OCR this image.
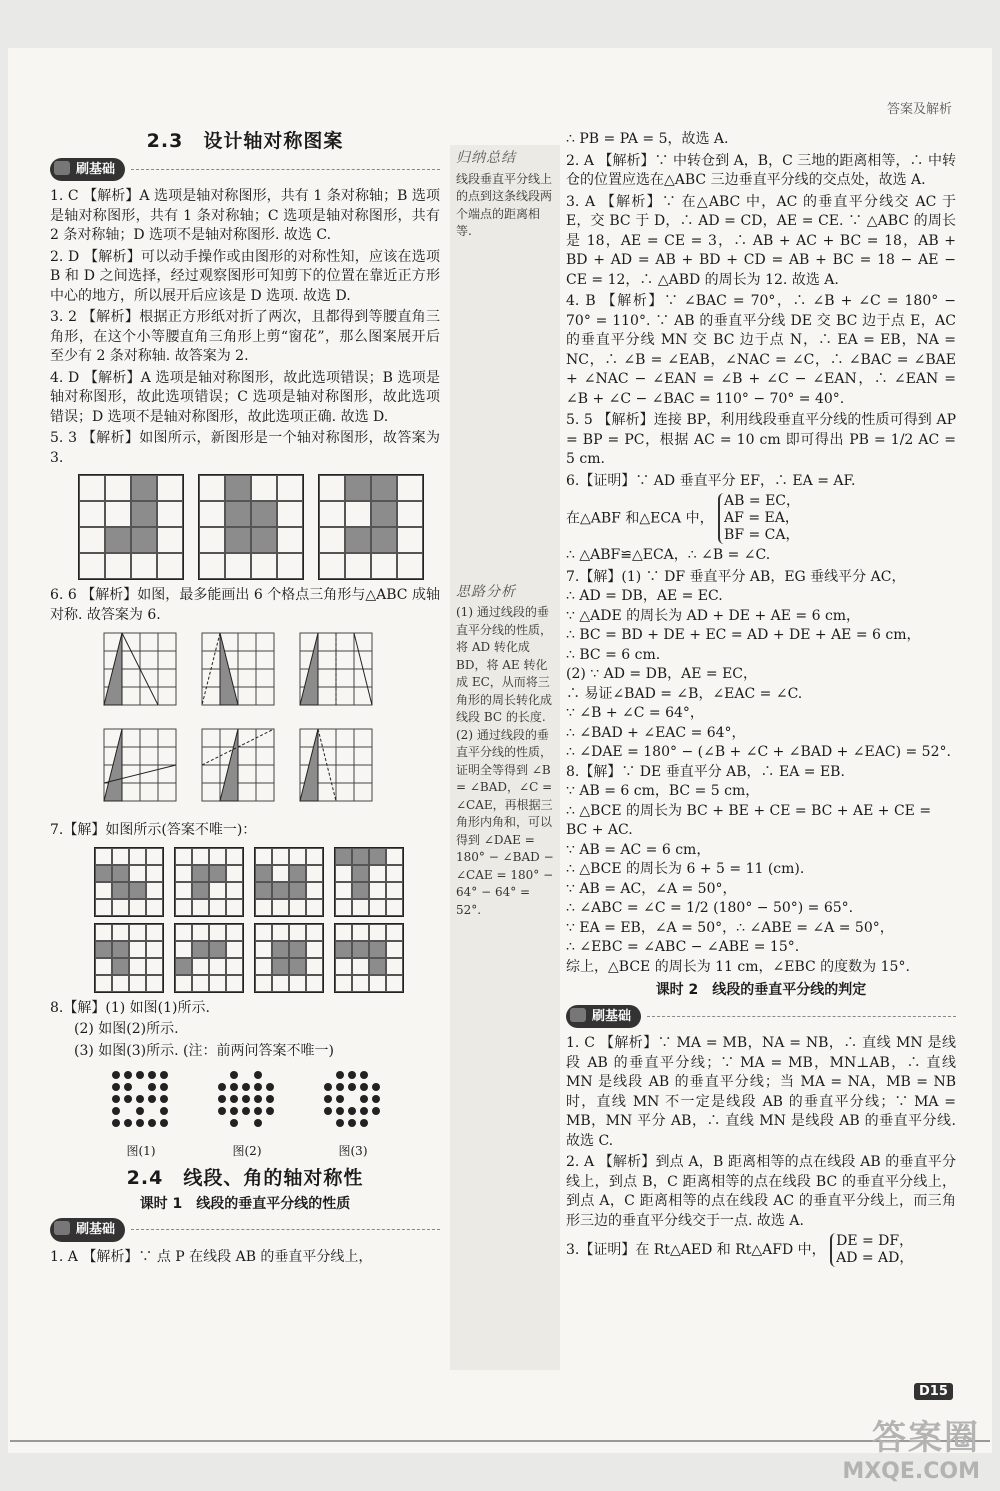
答案及解析
2.3　设计轴对称图案
刷基础

1. C 【解析】A 选项是轴对称图形，共有 1 条对称轴；B 选项是轴对称图形，共有 1 条对称轴；C 选项是轴对称图形，共有 2 条对称轴；D 选项不是轴对称图形. 故选 C.

2. D 【解析】可以动手操作或由图形的对称性知，应该在选项 B 和 D 之间选择，经过观察图形可知剪下的位置在靠近正方形中心的地方，所以展开后应该是 D 选项. 故选 D.

3. 2 【解析】根据正方形纸对折了两次，且都得到等腰直角三角形，在这个小等腰直角三角形上剪“窗花”，那么图案展开后至少有 2 条对称轴. 故答案为 2.

4. D 【解析】A 选项是轴对称图形，故此选项错误；B 选项是轴对称图形，故此选项错误；C 选项是轴对称图形，故此选项错误；D 选项不是轴对称图形，故此选项正确. 故选 D.

5. 3 【解析】如图所示，新图形是一个轴对称图形，故答案为 3.

6. 6 【解析】如图，最多能画出 6 个格点三角形与△ABC 成轴对称. 故答案为 6.

7.【解】如图所示(答案不唯一)：

8.【解】(1) 如图(1)所示.

(2) 如图(2)所示.

(3) 如图(3)所示. (注：前两问答案不唯一)

图(1)	图(2)	图(3)
2.4　线段、角的轴对称性
课时 1　线段的垂直平分线的性质
刷基础

1. A 【解析】∵ 点 P 在线段 AB 的垂直平分线上，

归纳总结
线段垂直平分线上的点到这条线段两个端点的距离相等.
思路分析
(1) 通过线段的垂直平分线的性质，将 AD 转化成 BD，将 AE 转化成 EC，从而将三角形的周长转化成线段 BC 的长度. (2) 通过线段的垂直平分线的性质，证明全等得到 ∠B = ∠BAD，∠C = ∠CAE，再根据三角形内角和，可以得到 ∠DAE = 180° − ∠BAD − ∠CAE = 180° − 64° − 64° = 52°.

∴ PB = PA = 5，故选 A.

2. A 【解析】∵ 中转仓到 A，B，C 三地的距离相等，∴ 中转仓的位置应选在△ABC 三边垂直平分线的交点处，故选 A.

3. A 【解析】∵ 在△ABC 中，AC 的垂直平分线交 AC 于 E，交 BC 于 D，∴ AD = CD，AE = CE. ∵ △ABC 的周长是 18，AE = CE = 3，∴ AB + AC + BC = 18，AB + BD + AD = AB + BD + CD = AB + BC = 18 − AE − CE = 12，∴ △ABD 的周长为 12. 故选 A.

4. B 【解析】∵ ∠BAC = 70°，∴ ∠B + ∠C = 180° − 70° = 110°. ∵ AB 的垂直平分线 DE 交 BC 边于点 E，AC 的垂直平分线 MN 交 BC 边于点 N，∴ EA = EB，NA = NC，∴ ∠B = ∠EAB，∠NAC = ∠C，∴ ∠BAC = ∠BAE + ∠NAC − ∠EAN = ∠B + ∠C − ∠EAN，∴ ∠EAN = ∠B + ∠C − ∠BAC = 110° − 70° = 40°.

5. 5 【解析】连接 BP，利用线段垂直平分线的性质可得到 AP = BP = PC，根据 AC = 10 cm 即可得出 PB = 1/2 AC = 5 cm.

6.【证明】∵ AD 垂直平分 EF，∴ EA = AF.

在△ABF 和△ECA 中，
AB = EC，
AF = EA，
BF = CA，

∴ △ABF≌△ECA，∴ ∠B = ∠C.

7.【解】(1) ∵ DF 垂直平分 AB，EG 垂线平分 AC，

∴ AD = DB，AE = EC.

∵ △ADE 的周长为 AD + DE + AE = 6 cm，

∴ BC = BD + DE + EC = AD + DE + AE = 6 cm，

∴ BC = 6 cm.

(2) ∵ AD = DB，AE = EC，

∴ 易证∠BAD = ∠B，∠EAC = ∠C.

∵ ∠B + ∠C = 64°，

∴ ∠BAD + ∠EAC = 64°，

∴ ∠DAE = 180° − (∠B + ∠C + ∠BAD + ∠EAC) = 52°.

8.【解】∵ DE 垂直平分 AB，∴ EA = EB.

∵ AB = 6 cm，BC = 5 cm，

∴ △BCE 的周长为 BC + BE + CE = BC + AE + CE = BC + AC.

∵ AB = AC = 6 cm，

∴ △BCE 的周长为 6 + 5 = 11 (cm).

∵ AB = AC，∠A = 50°，

∴ ∠ABC = ∠C = 1/2 (180° − 50°) = 65°.

∵ EA = EB，∠A = 50°，∴ ∠ABE = ∠A = 50°，

∴ ∠EBC = ∠ABC − ∠ABE = 15°.

综上，△BCE 的周长为 11 cm，∠EBC 的度数为 15°.

课时 2　线段的垂直平分线的判定
刷基础

1. C 【解析】∵ MA = MB，NA = NB，∴ 直线 MN 是线段 AB 的垂直平分线；∵ MA = MB，MN⊥AB，∴ 直线 MN 是线段 AB 的垂直平分线；当 MA = NA，MB = NB 时，直线 MN 不一定是线段 AB 的垂直平分线；∵ MA = MB，MN 平分 AB，∴ 直线 MN 是线段 AB 的垂直平分线. 故选 C.

2. A 【解析】到点 A，B 距离相等的点在线段 AB 的垂直平分线上，到点 B，C 距离相等的点在线段 BC 的垂直平分线上，到点 A，C 距离相等的点在线段 AC 的垂直平分线上，而三角形三边的垂直平分线交于一点. 故选 A.

3.【证明】在 Rt△AED 和 Rt△AFD 中，
DE = DF，
AD = AD，
D15
答案圈
MXQE.COM
